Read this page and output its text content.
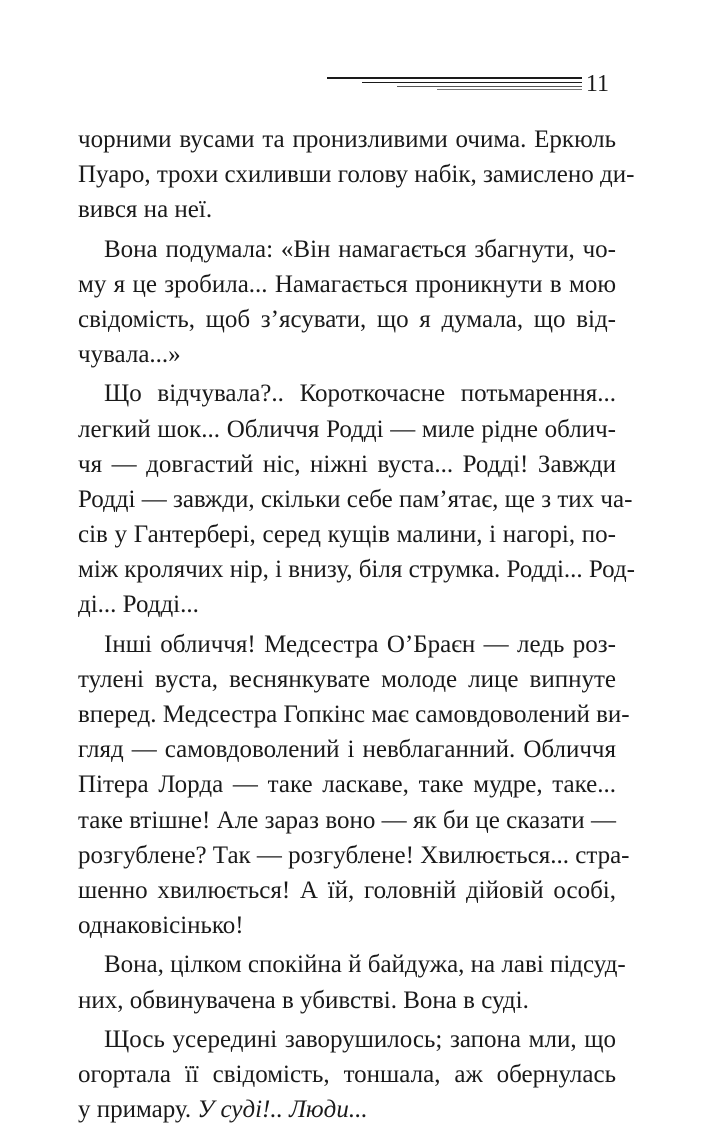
11
чорними вусами та пронизливими очима. Еркюль
Пуаро, трохи схиливши голову набік, замислено ди-
вився на неї.
Вона подумала: «Він намагається збагнути, чо-
му я це зробила... Намагається проникнути в мою
свідомість, щоб з’ясувати, що я думала, що від-
чувала...»
Що відчувала?.. Короткочасне потьмарення...
легкий шок... Обличчя Родді — миле рідне облич-
чя — довгастий ніс, ніжні вуста... Родді! Завжди
Родді — завжди, скільки себе пам’ятає, ще з тих ча-
сів у Гантербері, серед кущів малини, і нагорі, по-
між кролячих нір, і внизу, біля струмка. Родді... Род-
ді... Родді...
Інші обличчя! Медсестра О’Браєн — ледь роз-
тулені вуста, веснянкувате молоде лице випнуте
вперед. Медсестра Гопкінс має самовдоволений ви-
гляд — самовдоволений і невблаганний. Обличчя
Пітера Лорда — таке ласкаве, таке мудре, таке...
таке втішне! Але зараз воно — як би це сказати —
розгублене? Так — розгублене! Хвилюється... стра-
шенно хвилюється! А їй, головній дійовій особі,
однаковісінько!
Вона, цілком спокійна й байдужа, на лаві підсуд-
них, обвинувачена в убивстві. Вона в суді.
Щось усередині заворушилось; запона мли, що
огортала її свідомість, тоншала, аж обернулась
у примару. У суді!.. Люди...
